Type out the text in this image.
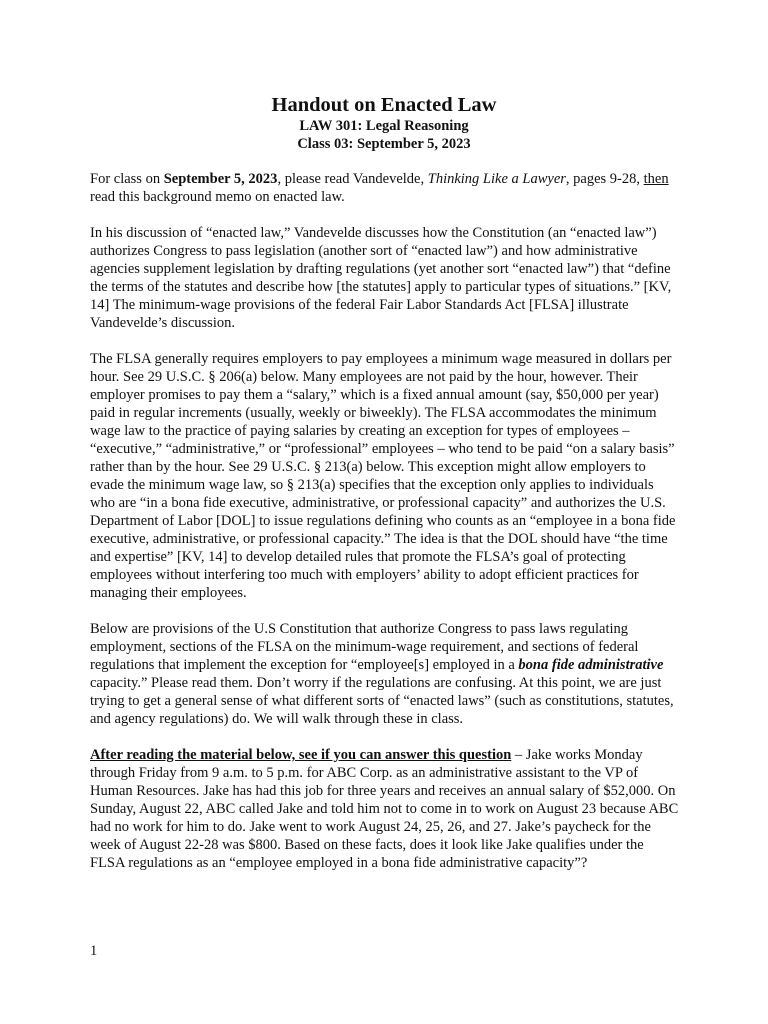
Handout on Enacted Law

LAW 301: Legal Reasoning

Class 03: September 5, 2023

For class on September 5, 2023, please read Vandevelde, Thinking Like a Lawyer, pages 9-28, then read this background memo on enacted law.

In his discussion of “enacted law,” Vandevelde discusses how the Constitution (an “enacted law”) authorizes Congress to pass legislation (another sort of “enacted law”) and how administrative agencies supplement legislation by drafting regulations (yet another sort “enacted law”) that “define the terms of the statutes and describe how [the statutes] apply to particular types of situations.” [KV, 14] The minimum-wage provisions of the federal Fair Labor Standards Act [FLSA] illustrate Vandevelde’s discussion.

The FLSA generally requires employers to pay employees a minimum wage measured in dollars per hour. See 29 U.S.C. § 206(a) below. Many employees are not paid by the hour, however. Their employer promises to pay them a “salary,” which is a fixed annual amount (say, $50,000 per year) paid in regular increments (usually, weekly or biweekly). The FLSA accommodates the minimum wage law to the practice of paying salaries by creating an exception for types of employees – “executive,” “administrative,” or “professional” employees – who tend to be paid “on a salary basis” rather than by the hour. See 29 U.S.C. § 213(a) below. This exception might allow employers to evade the minimum wage law, so § 213(a) specifies that the exception only applies to individuals who are “in a bona fide executive, administrative, or professional capacity” and authorizes the U.S. Department of Labor [DOL] to issue regulations defining who counts as an “employee in a bona fide executive, administrative, or professional capacity.” The idea is that the DOL should have “the time and expertise” [KV, 14] to develop detailed rules that promote the FLSA’s goal of protecting employees without interfering too much with employers’ ability to adopt efficient practices for managing their employees.

Below are provisions of the U.S Constitution that authorize Congress to pass laws regulating employment, sections of the FLSA on the minimum-wage requirement, and sections of federal regulations that implement the exception for “employee[s] employed in a bona fide administrative capacity.” Please read them. Don’t worry if the regulations are confusing. At this point, we are just trying to get a general sense of what different sorts of “enacted laws” (such as constitutions, statutes, and agency regulations) do. We will walk through these in class.

After reading the material below, see if you can answer this question – Jake works Monday through Friday from 9 a.m. to 5 p.m. for ABC Corp. as an administrative assistant to the VP of Human Resources. Jake has had this job for three years and receives an annual salary of $52,000. On Sunday, August 22, ABC called Jake and told him not to come in to work on August 23 because ABC had no work for him to do. Jake went to work August 24, 25, 26, and 27. Jake’s paycheck for the week of August 22-28 was $800. Based on these facts, does it look like Jake qualifies under the FLSA regulations as an “employee employed in a bona fide administrative capacity”?

1
